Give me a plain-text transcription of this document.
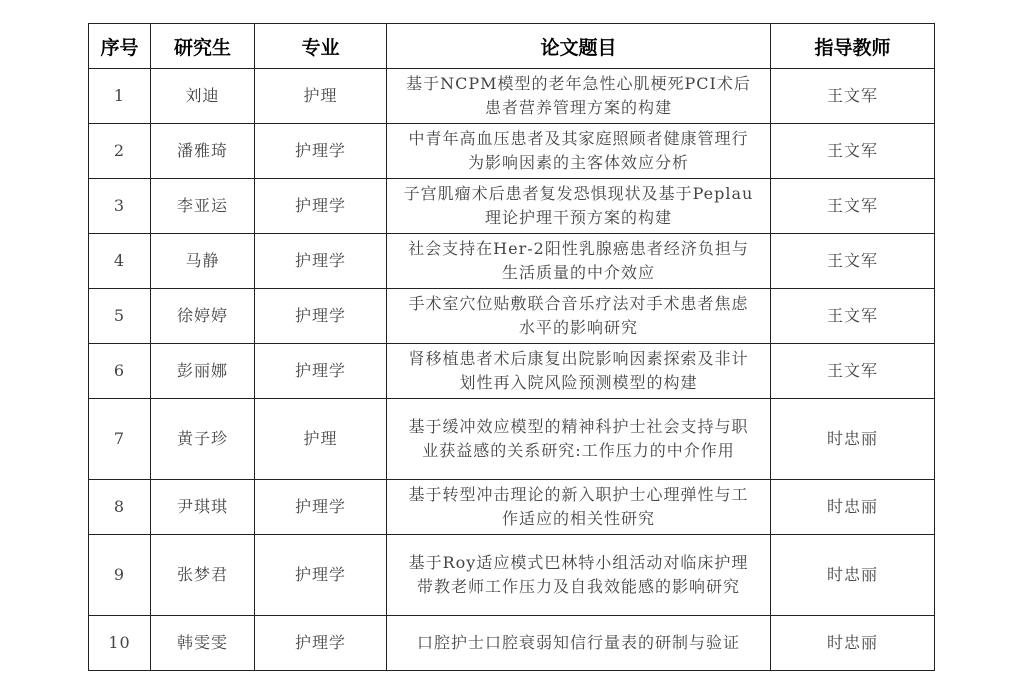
序号	研究生	专业	论文题目	指导教师
1	刘迪	护理	基于NCPM模型的老年急性心肌梗死PCI术后患者营养管理方案的构建	王文军
2	潘雅琦	护理学	中青年高血压患者及其家庭照顾者健康管理行为影响因素的主客体效应分析	王文军
3	李亚运	护理学	子宫肌瘤术后患者复发恐惧现状及基于Peplau理论护理干预方案的构建	王文军
4	马静	护理学	社会支持在Her-2阳性乳腺癌患者经济负担与生活质量的中介效应	王文军
5	徐婷婷	护理学	手术室穴位贴敷联合音乐疗法对手术患者焦虑水平的影响研究	王文军
6	彭丽娜	护理学	肾移植患者术后康复出院影响因素探索及非计划性再入院风险预测模型的构建	王文军
7	黄子珍	护理	基于缓冲效应模型的精神科护士社会支持与职业获益感的关系研究:工作压力的中介作用	时忠丽
8	尹琪琪	护理学	基于转型冲击理论的新入职护士心理弹性与工作适应的相关性研究	时忠丽
9	张梦君	护理学	基于Roy适应模式巴林特小组活动对临床护理带教老师工作压力及自我效能感的影响研究	时忠丽
10	韩雯雯	护理学	口腔护士口腔衰弱知信行量表的研制与验证	时忠丽
